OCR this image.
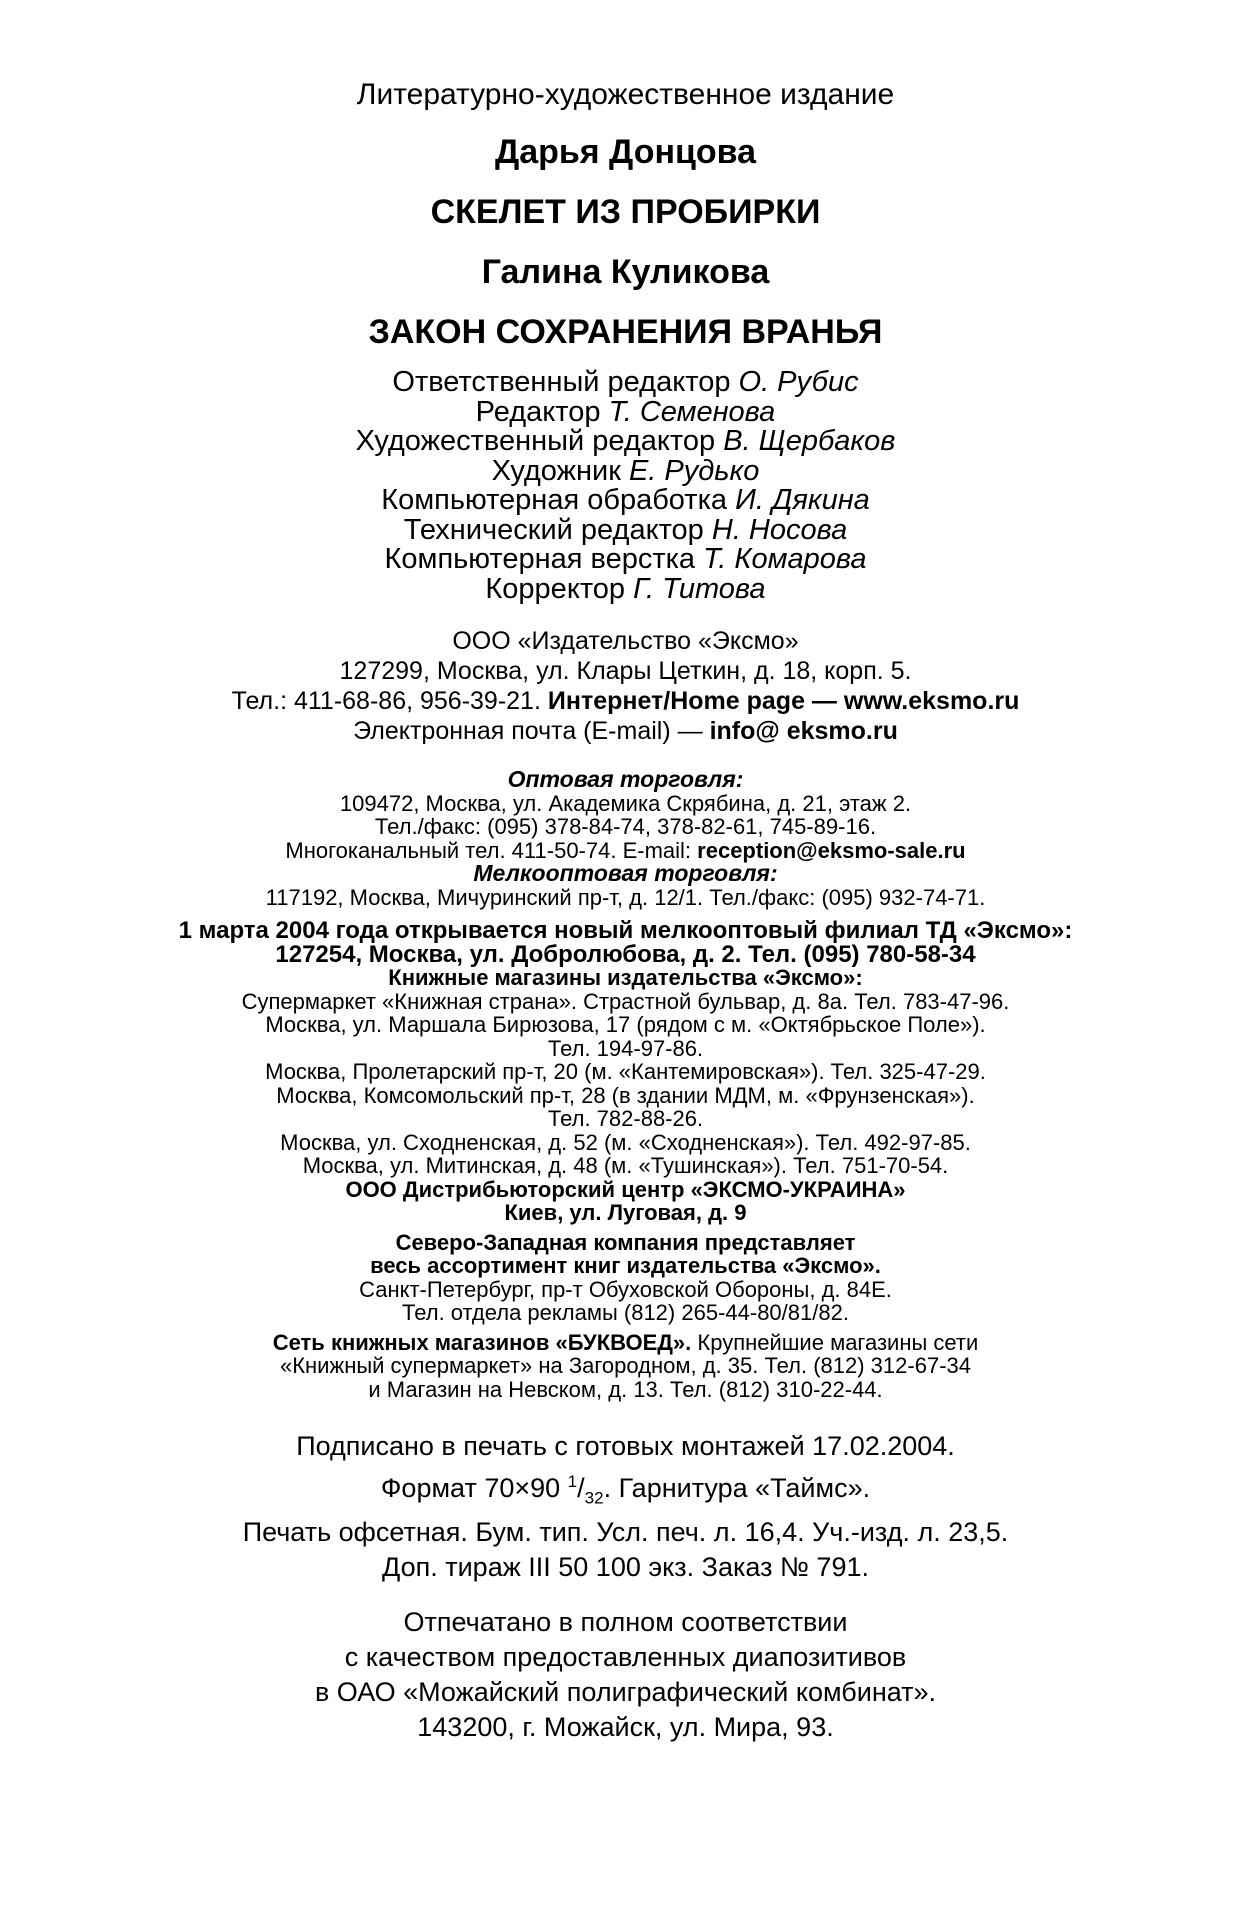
Литературно-художественное издание

Дарья Донцова

СКЕЛЕТ ИЗ ПРОБИРКИ

Галина Куликова

ЗАКОН СОХРАНЕНИЯ ВРАНЬЯ

Ответственный редактор О. Рубис

Редактор Т. Семенова

Художественный редактор В. Щербаков

Художник Е. Рудько

Компьютерная обработка И. Дякина

Технический редактор Н. Носова

Компьютерная верстка Т. Комарова

Корректор Г. Титова

ООО «Издательство «Эксмо»

127299, Москва, ул. Клары Цеткин, д. 18, корп. 5.

Тел.: 411-68-86, 956-39-21. Интернет/Home page — www.eksmo.ru

Электронная почта (E-mail) — info@ eksmo.ru

Оптовая торговля:

109472, Москва, ул. Академика Скрябина, д. 21, этаж 2.

Тел./факс: (095) 378-84-74, 378-82-61, 745-89-16.

Многоканальный тел. 411-50-74. E-mail: reception@eksmo-sale.ru

Мелкооптовая торговля:

117192, Москва, Мичуринский пр-т, д. 12/1. Тел./факс: (095) 932-74-71.

1 марта 2004 года открывается новый мелкооптовый филиал ТД «Эксмо»:

127254, Москва, ул. Добролюбова, д. 2. Тел. (095) 780-58-34

Книжные магазины издательства «Эксмо»:

Супермаркет «Книжная страна». Страстной бульвар, д. 8а. Тел. 783-47-96.

Москва, ул. Маршала Бирюзова, 17 (рядом с м. «Октябрьское Поле»).

Тел. 194-97-86.

Москва, Пролетарский пр-т, 20 (м. «Кантемировская»). Тел. 325-47-29.

Москва, Комсомольский пр-т, 28 (в здании МДМ, м. «Фрунзенская»).

Тел. 782-88-26.

Москва, ул. Сходненская, д. 52 (м. «Сходненская»). Тел. 492-97-85.

Москва, ул. Митинская, д. 48 (м. «Тушинская»). Тел. 751-70-54.

ООО Дистрибьюторский центр «ЭКСМО-УКРАИНА»

Киев, ул. Луговая, д. 9

Северо-Западная компания представляет

весь ассортимент книг издательства «Эксмо».

Санкт-Петербург, пр-т Обуховской Обороны, д. 84Е.

Тел. отдела рекламы (812) 265-44-80/81/82.

Сеть книжных магазинов «БУКВОЕД». Крупнейшие магазины сети

«Книжный супермаркет» на Загородном, д. 35. Тел. (812) 312-67-34

и Магазин на Невском, д. 13. Тел. (812) 310-22-44.

Подписано в печать с готовых монтажей 17.02.2004.

Формат 70×90 $^1/_{32}$. Гарнитура «Таймс».

Печать офсетная. Бум. тип. Усл. печ. л. 16,4. Уч.-изд. л. 23,5.

Доп. тираж III 50 100 экз. Заказ № 791.

Отпечатано в полном соответствии

с качеством предоставленных диапозитивов

в ОАО «Можайский полиграфический комбинат».

143200, г. Можайск, ул. Мира, 93.
